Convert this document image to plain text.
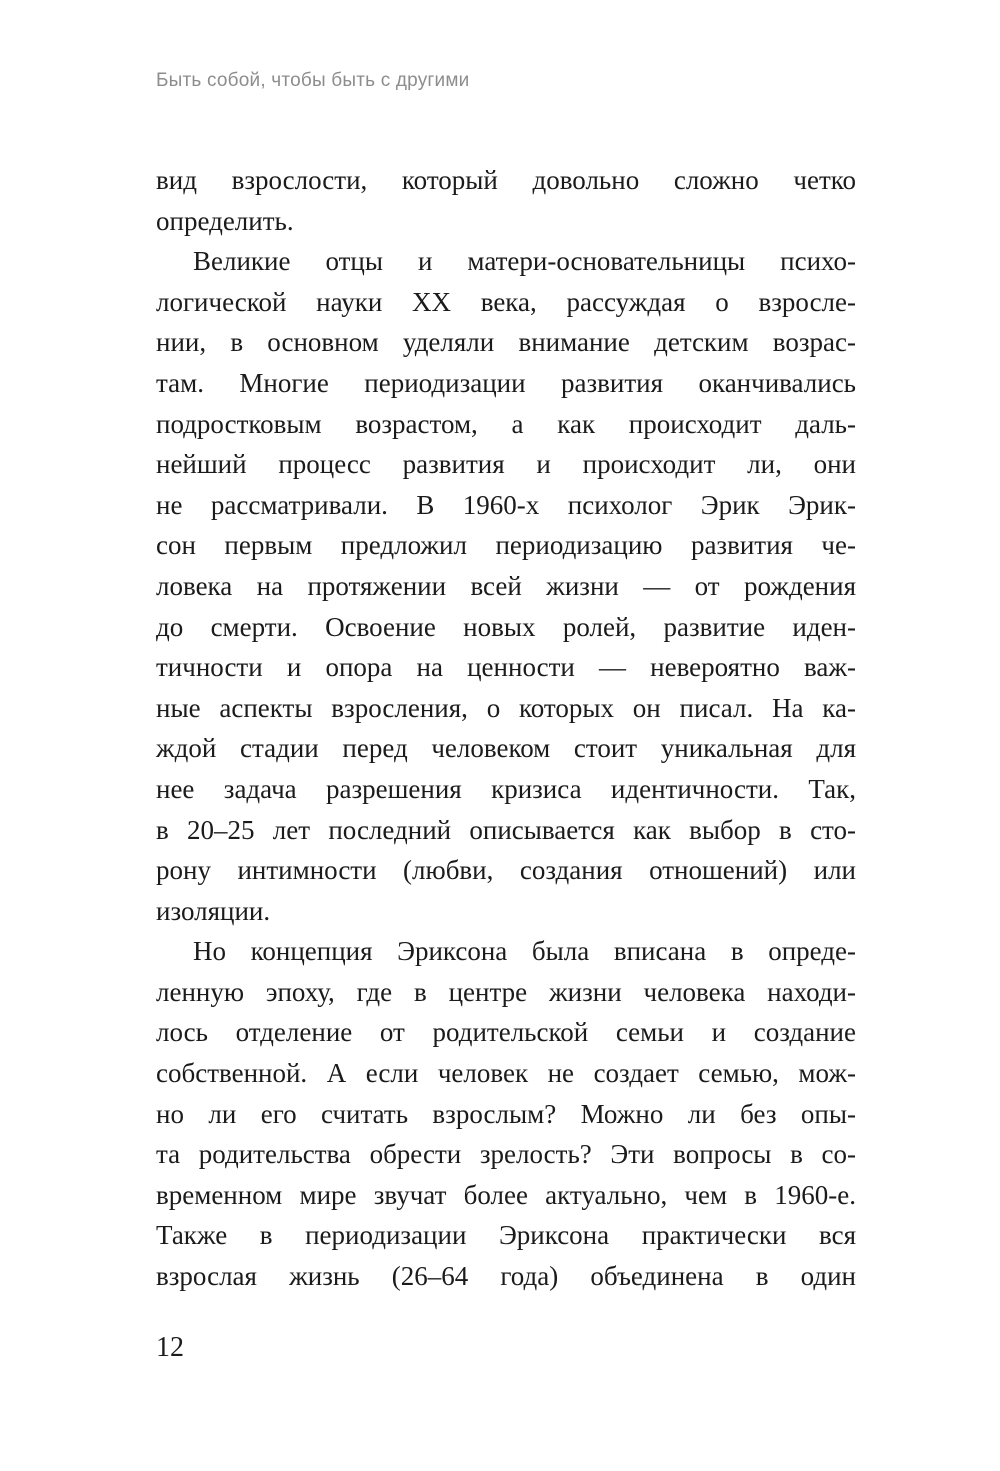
Быть собой, чтобы быть с другими
вид взрослости, который довольно сложно четко
определить.
Великие отцы и матери-основательницы психо-
логической науки XX века, рассуждая о взросле-
нии, в основном уделяли внимание детским возрас-
там. Многие периодизации развития оканчивались
подростковым возрастом, а как происходит даль-
нейший процесс развития и происходит ли, они
не рассматривали. В 1960-х психолог Эрик Эрик-
сон первым предложил периодизацию развития че-
ловека на протяжении всей жизни — от рождения
до смерти. Освоение новых ролей, развитие иден-
тичности и опора на ценности — невероятно важ-
ные аспекты взросления, о которых он писал. На ка-
ждой стадии перед человеком стоит уникальная для
нее задача разрешения кризиса идентичности. Так,
в 20–25 лет последний описывается как выбор в сто-
рону интимности (любви, создания отношений) или
изоляции.
Но концепция Эриксона была вписана в опреде-
ленную эпоху, где в центре жизни человека находи-
лось отделение от родительской семьи и создание
собственной. А если человек не создает семью, мож-
но ли его считать взрослым? Можно ли без опы-
та родительства обрести зрелость? Эти вопросы в со-
временном мире звучат более актуально, чем в 1960-е.
Также в периодизации Эриксона практически вся
взрослая жизнь (26–64 года) объединена в один
12
